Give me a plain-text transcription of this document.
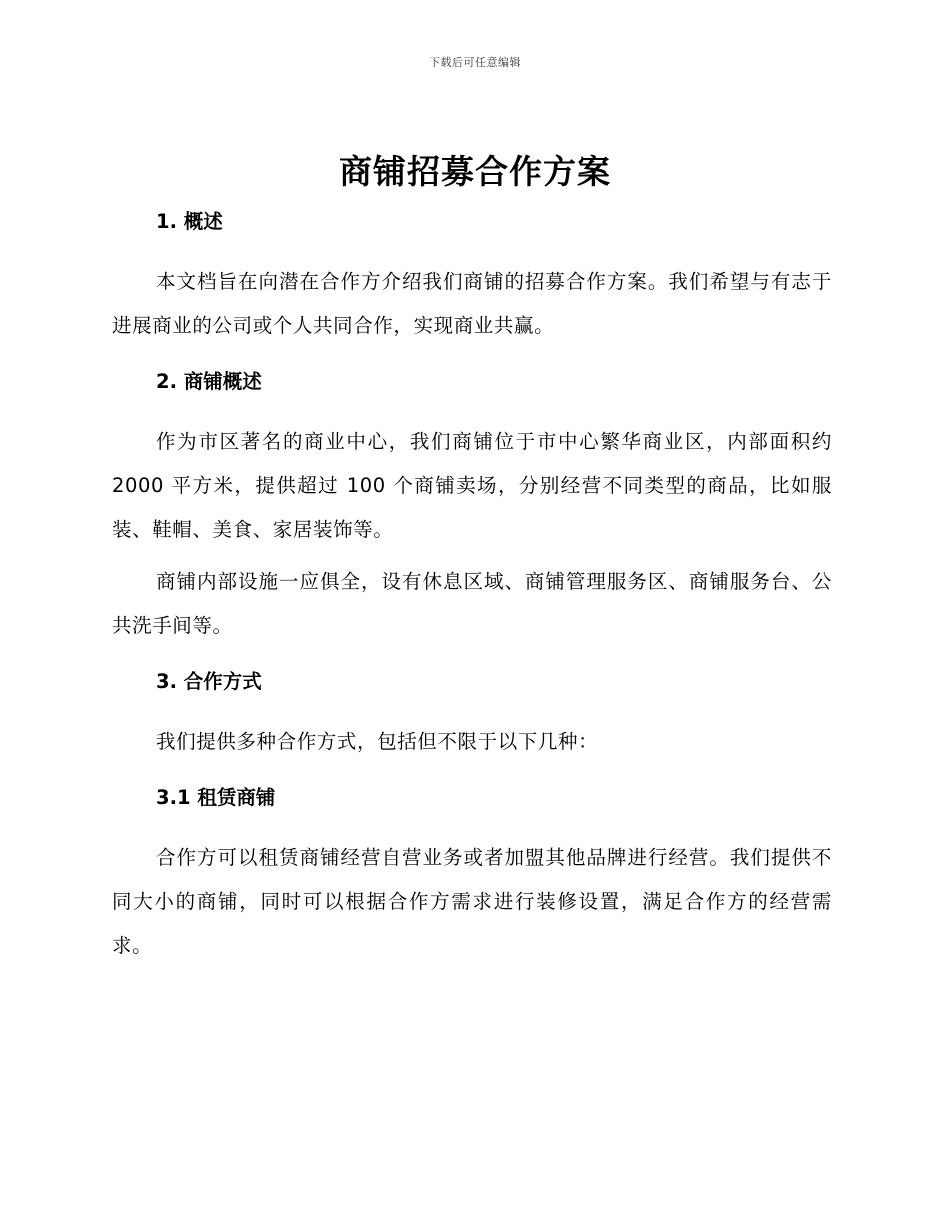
下载后可任意编辑
商铺招募合作方案

1. 概述

本文档旨在向潜在合作方介绍我们商铺的招募合作方案。我们希望与有志于进展商业的公司或个人共同合作，实现商业共赢。

2. 商铺概述

作为市区著名的商业中心，我们商铺位于市中心繁华商业区，内部面积约 2000 平方米，提供超过 100 个商铺卖场，分别经营不同类型的商品，比如服装、鞋帽、美食、家居装饰等。

商铺内部设施一应俱全，设有休息区域、商铺管理服务区、商铺服务台、公共洗手间等。

3. 合作方式

我们提供多种合作方式，包括但不限于以下几种：

3.1 租赁商铺

合作方可以租赁商铺经营自营业务或者加盟其他品牌进行经营。我们提供不同大小的商铺，同时可以根据合作方需求进行装修设置，满足合作方的经营需求。
